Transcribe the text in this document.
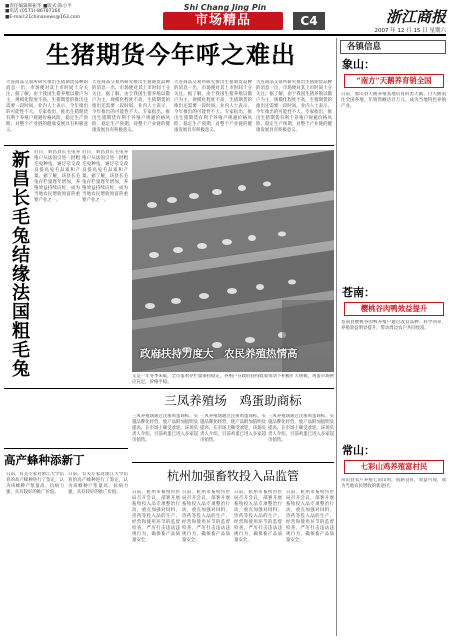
■责任编辑韩振华 ■版式:陈小平
■电话:(0571)-86787166
■E-mail:21chinanews@163.com
Shi Chang Jing Pin
市场精品	C4	浙江商报
2007 年 12 月 15 日 星期六
生猪期货今年呼之难出
大连商品交易所研究推出生猪期货品种的消息一出，市场便对其上市时间十分关注。据了解，由于我国生猪养殖以散户为主，规模化程度不高，生猪期货的推出还需要一段时间。业内人士表示，今年推出的可能性不大。专家指出，推出生猪期货有利于养殖户规避价格风险，稳定生产预期，对整个产业链的健康发展具有积极意义。
大连商品交易所研究推出生猪期货品种的消息一出，市场便对其上市时间十分关注。据了解，由于我国生猪养殖以散户为主，规模化程度不高，生猪期货的推出还需要一段时间。业内人士表示，今年推出的可能性不大。专家指出，推出生猪期货有利于养殖户规避价格风险，稳定生产预期，对整个产业链的健康发展具有积极意义。
大连商品交易所研究推出生猪期货品种的消息一出，市场便对其上市时间十分关注。据了解，由于我国生猪养殖以散户为主，规模化程度不高，生猪期货的推出还需要一段时间。业内人士表示，今年推出的可能性不大。专家指出，推出生猪期货有利于养殖户规避价格风险，稳定生产预期，对整个产业链的健康发展具有积极意义。
大连商品交易所研究推出生猪期货品种的消息一出，市场便对其上市时间十分关注。据了解，由于我国生猪养殖以散户为主，规模化程度不高，生猪期货的推出还需要一段时间。业内人士表示，今年推出的可能性不大。专家指出，推出生猪期货有利于养殖户规避价格风险，稳定生产预期，对整个产业链的健康发展具有积极意义。
新昌长毛兔结缘法国粗毛兔 近日，新昌县长毛兔养殖户从法国引进一批粗毛兔种兔，通过杂交改良提高兔毛品质和产量。据了解，该县长毛兔存栏量逐年增加，养殖效益持续向好，成为当地农民增收致富的重要产业之一。
近日，新昌县长毛兔养殖户从法国引进一批粗毛兔种兔，通过杂交改良提高兔毛品质和产量。据了解，该县长毛兔存栏量逐年增加，养殖效益持续向好，成为当地农民增收致富的重要产业之一。
政府扶持力度大　农民养殖热情高
又是一年冬季来临，全市蛋鸡存栏量保持稳定，养殖户在政府扶持政策带动下积极扩大规模，鸡蛋市场供应充足，价格平稳。
三凤养殖场　鸡蛋助商标
三凤养殖场通过注册鸡蛋商标、实施品牌化经营，使产品附加值明显提高，在市场上颇受欢迎。该场负责人介绍，目前鸡蛋已进入多家超市销售。
三凤养殖场通过注册鸡蛋商标、实施品牌化经营，使产品附加值明显提高，在市场上颇受欢迎。该场负责人介绍，目前鸡蛋已进入多家超市销售。
三凤养殖场通过注册鸡蛋商标、实施品牌化经营，使产品附加值明显提高，在市场上颇受欢迎。该场负责人介绍，目前鸡蛋已进入多家超市销售。
高产蜂种添新丁
日前，有关专家对浙江大学培育的高产蜂种进行了鉴定，认为该蜂种产浆量高、抗病力强，具有较好的推广价值。
日前，有关专家对浙江大学培育的高产蜂种进行了鉴定，认为该蜂种产浆量高、抗病力强，具有较好的推广价值。
杭州加强畜牧投入品监管
日前，杭州市畜牧兽医局召开会议，部署开展畜牧投入品专项整治行动，重点加强对饲料、兽药等投入品的生产、经营和使用环节的监督检查，严厉打击违法违规行为，确保畜产品质量安全。
日前，杭州市畜牧兽医局召开会议，部署开展畜牧投入品专项整治行动，重点加强对饲料、兽药等投入品的生产、经营和使用环节的监督检查，严厉打击违法违规行为，确保畜产品质量安全。
日前，杭州市畜牧兽医局召开会议，部署开展畜牧投入品专项整治行动，重点加强对饲料、兽药等投入品的生产、经营和使用环节的监督检查，严厉打击违法违规行为，确保畜产品质量安全。
日前，杭州市畜牧兽医局召开会议，部署开展畜牧投入品专项整治行动，重点加强对饲料、兽药等投入品的生产、经营和使用环节的监督检查，严厉打击违法违规行为，确保畜产品质量安全。
各镇信息
象山：
“南方”天鹅养育销全国
日前，象山县天鹅养殖基地培育的黑天鹅、白天鹅销往全国各地，年销售额达百万元，成为当地特色养殖产业。
苍南：
樱桃谷肉鸭效益提升
苍南县樱桃谷肉鸭养殖户通过改良品种、科学饲养，养殖效益明显提升，带动周边农户共同致富。
常山：
七彩山鸡养殖富村民
常山县农户养殖七彩山鸡，销路良好，效益可观，成为当地农民增收的新途径。
